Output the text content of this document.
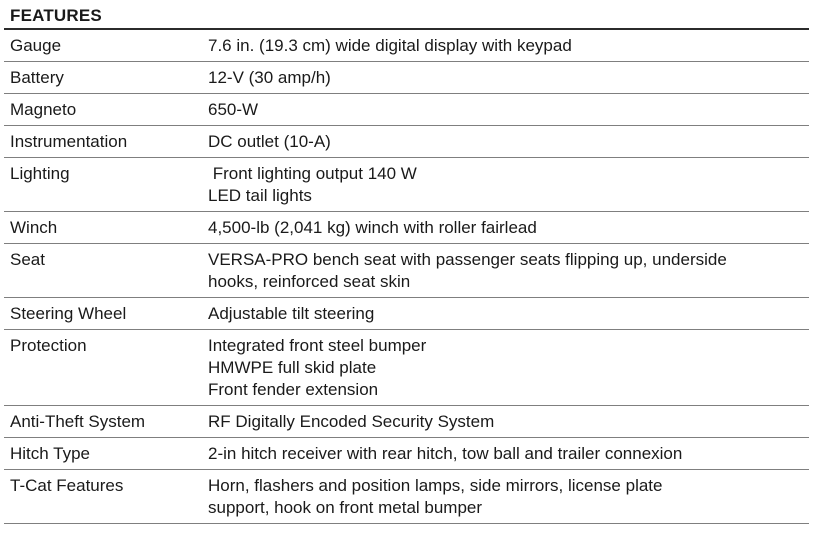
FEATURES
Gauge	7.6 in. (19.3 cm) wide digital display with keypad
Battery	12-V (30 amp/h)
Magneto	650-W
Instrumentation	DC outlet (10-A)
Lighting	Front lighting output 140 W
LED tail lights
Winch	4,500-lb (2,041 kg) winch with roller fairlead
Seat	VERSA-PRO bench seat with passenger seats flipping up, underside
hooks, reinforced seat skin
Steering Wheel	Adjustable tilt steering
Protection	Integrated front steel bumper
HMWPE full skid plate
Front fender extension
Anti-Theft System	RF Digitally Encoded Security System
Hitch Type	2-in hitch receiver with rear hitch, tow ball and trailer connexion
T-Cat Features	Horn, flashers and position lamps, side mirrors, license plate
support, hook on front metal bumper
